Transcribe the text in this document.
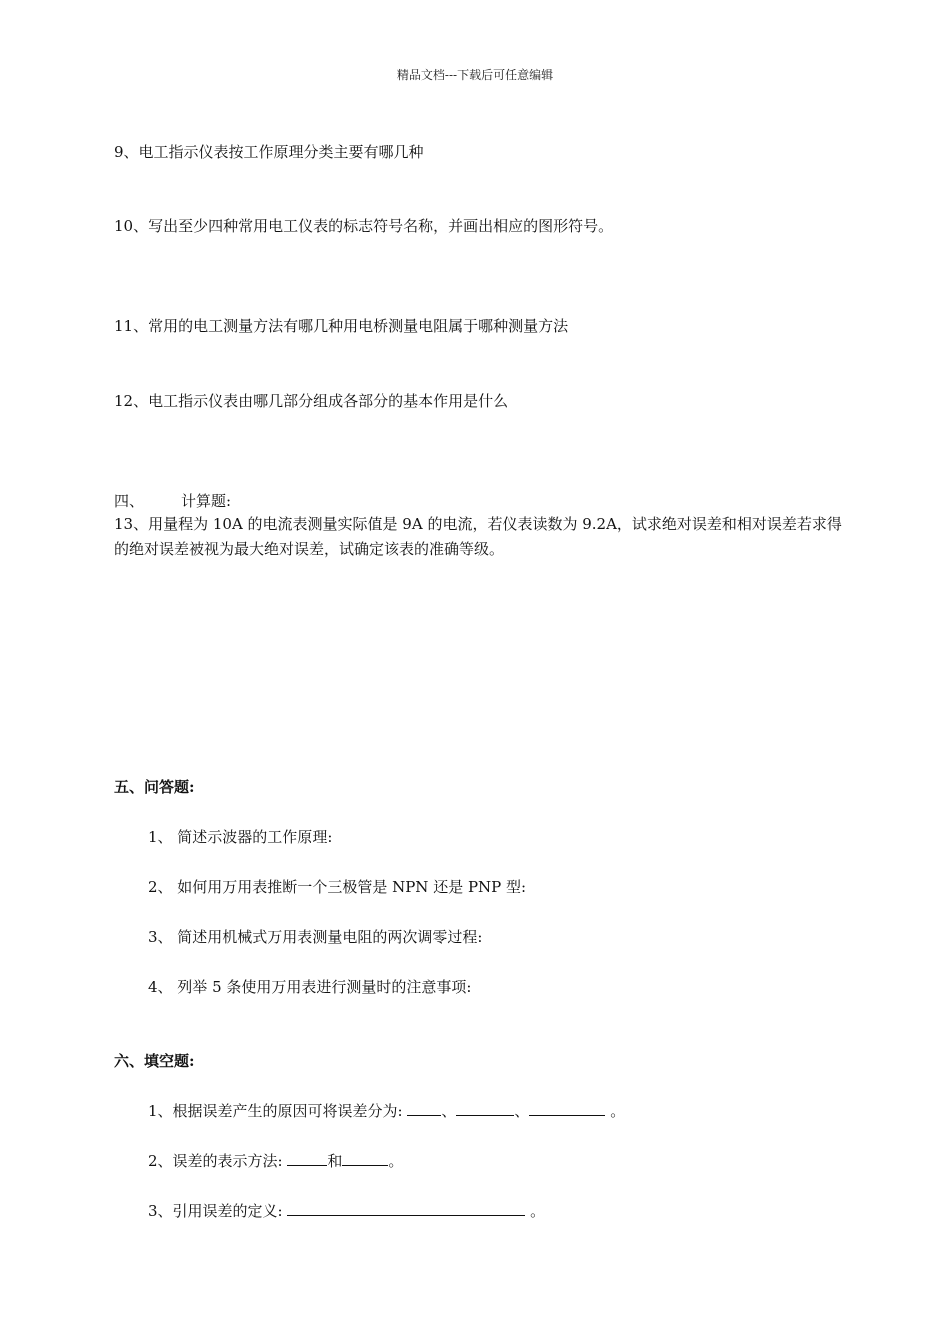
精品文档---下载后可任意编辑
9、电工指示仪表按工作原理分类主要有哪几种
10、写出至少四种常用电工仪表的标志符号名称，并画出相应的图形符号。
11、常用的电工测量方法有哪几种用电桥测量电阻属于哪种测量方法
12、电工指示仪表由哪几部分组成各部分的基本作用是什么
四、 计算题:
13、用量程为 10A 的电流表测量实际值是 9A 的电流，若仪表读数为 9.2A，试求绝对误差和相对误差若求得的绝对误差被视为最大绝对误差，试确定该表的准确等级。
五、问答题:
1、 简述示波器的工作原理:
2、 如何用万用表推断一个三极管是 NPN 还是 PNP 型:
3、 简述用机械式万用表测量电阻的两次调零过程:
4、 列举 5 条使用万用表进行测量时的注意事项:
六、填空题:
1、根据误差产生的原因可将误差分为:	、	、	。
2、误差的表示方法:	和	。
3、引用误差的定义:	。
